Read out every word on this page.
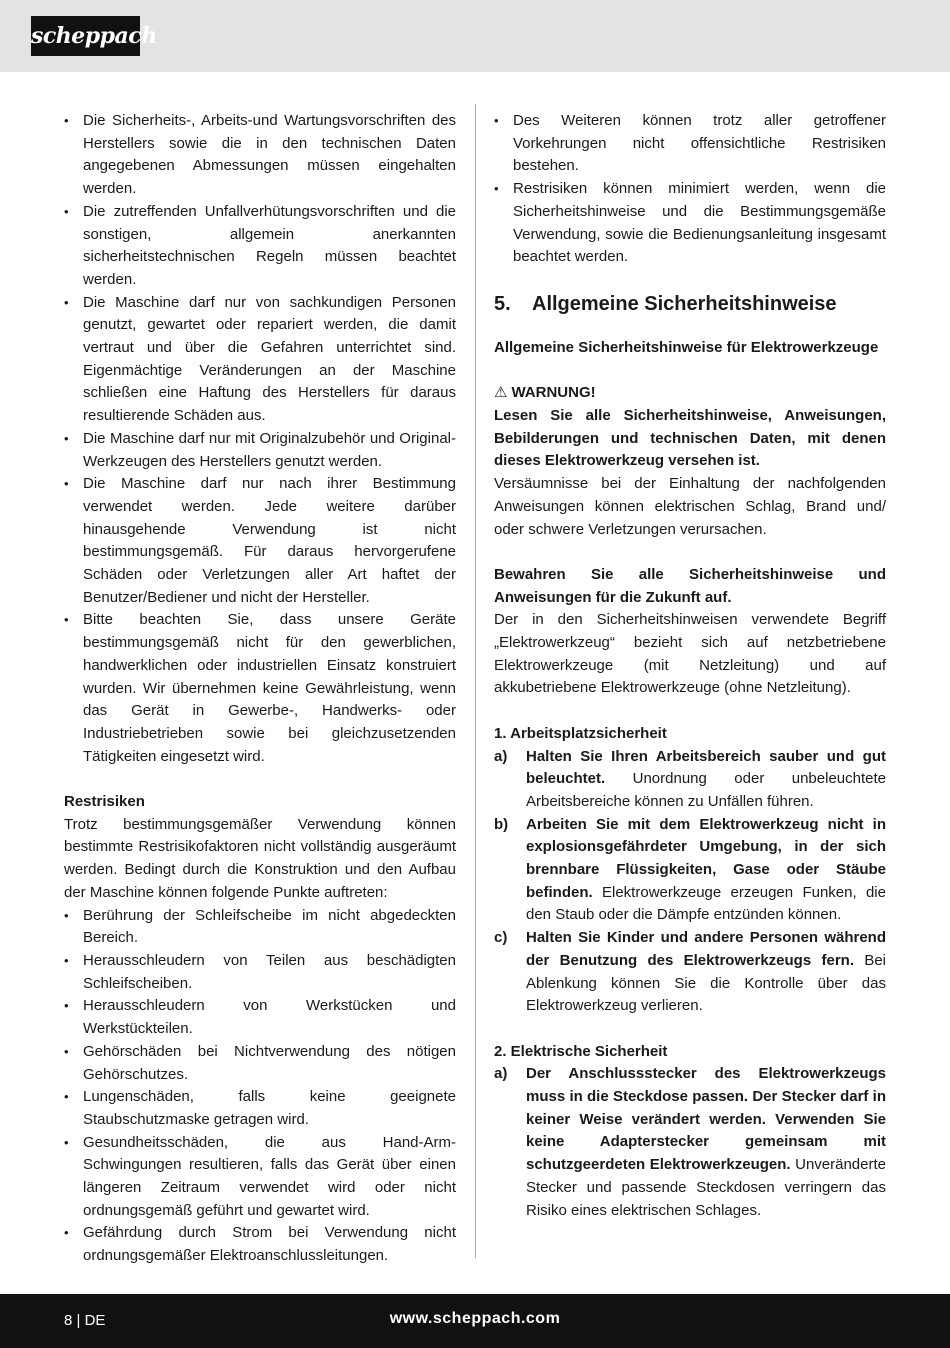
scheppach
• Die Sicherheits-, Arbeits-und Wartungsvorschriften des Herstellers sowie die in den technischen Daten angegebenen Abmessungen müssen eingehalten werden.
• Die zutreffenden Unfallverhütungsvorschriften und die sonstigen, allgemein anerkannten sicherheitstechnischen Regeln müssen beachtet werden.
• Die Maschine darf nur von sachkundigen Personen genutzt, gewartet oder repariert werden, die damit vertraut und über die Gefahren unterrichtet sind. Eigenmächtige Veränderungen an der Maschine schließen eine Haftung des Herstellers für daraus resultierende Schäden aus.
• Die Maschine darf nur mit Originalzubehör und Original- Werkzeugen des Herstellers genutzt werden.
• Die Maschine darf nur nach ihrer Bestimmung verwendet werden. Jede weitere darüber hinausgehende Verwendung ist nicht bestimmungsgemäß. Für daraus hervorgerufene Schäden oder Verletzungen aller Art haftet der Benutzer/Bediener und nicht der Hersteller.
• Bitte beachten Sie, dass unsere Geräte bestimmungsgemäß nicht für den gewerblichen, handwerklichen oder industriellen Einsatz konstruiert wurden. Wir übernehmen keine Gewährleistung, wenn das Gerät in Gewerbe-, Handwerks- oder Industriebetrieben sowie bei gleichzusetzenden Tätigkeiten eingesetzt wird.
Restrisiken

Trotz bestimmungsgemäßer Verwendung können bestimmte Restrisikofaktoren nicht vollständig ausgeräumt werden. Bedingt durch die Konstruktion und den Aufbau der Maschine können folgende Punkte auftreten:

• Berührung der Schleifscheibe im nicht abgedeckten Bereich.
• Herausschleudern von Teilen aus beschädigten Schleifscheiben.
• Herausschleudern von Werkstücken und Werkstückteilen.
• Gehörschäden bei Nichtverwendung des nötigen Gehörschutzes.
• Lungenschäden, falls keine geeignete Staubschutzmaske getragen wird.
• Gesundheitsschäden, die aus Hand-Arm- Schwingungen resultieren, falls das Gerät über einen längeren Zeitraum verwendet wird oder nicht ordnungsgemäß geführt und gewartet wird.
• Gefährdung durch Strom bei Verwendung nicht ordnungsgemäßer Elektroanschlussleitungen.
• Des Weiteren können trotz aller getroffener Vorkehrungen nicht offensichtliche Restrisiken bestehen.
• Restrisiken können minimiert werden, wenn die Sicherheitshinweise und die Bestimmungsgemäße Verwendung, sowie die Bedienungsanleitung insgesamt beachtet werden.
5. Allgemeine Sicherheitshinweise

Allgemeine Sicherheitshinweise für Elektrowerkzeuge

⚠ WARNUNG!

Lesen Sie alle Sicherheitshinweise, Anweisungen, Bebilderungen und technischen Daten, mit denen dieses Elektrowerkzeug versehen ist.

Versäumnisse bei der Einhaltung der nachfolgenden Anweisungen können elektrischen Schlag, Brand und/ oder schwere Verletzungen verursachen.

Bewahren Sie alle Sicherheitshinweise und Anweisungen für die Zukunft auf.

Der in den Sicherheitshinweisen verwendete Begriff „Elektrowerkzeug“ bezieht sich auf netzbetriebene Elektrowerkzeuge (mit Netzleitung) und auf akkubetriebene Elektrowerkzeuge (ohne Netzleitung).

1. Arbeitsplatzsicherheit

a) Halten Sie Ihren Arbeitsbereich sauber und gut beleuchtet. Unordnung oder unbeleuchtete Arbeitsbereiche können zu Unfällen führen.
b) Arbeiten Sie mit dem Elektrowerkzeug nicht in explosionsgefährdeter Umgebung, in der sich brennbare Flüssigkeiten, Gase oder Stäube befinden. Elektrowerkzeuge erzeugen Funken, die den Staub oder die Dämpfe entzünden können.
c) Halten Sie Kinder und andere Personen während der Benutzung des Elektrowerkzeugs fern. Bei Ablenkung können Sie die Kontrolle über das Elektrowerkzeug verlieren.

2. Elektrische Sicherheit

a) Der Anschlussstecker des Elektrowerkzeugs muss in die Steckdose passen. Der Stecker darf in keiner Weise verändert werden. Verwenden Sie keine Adapterstecker gemeinsam mit schutzgeerdeten Elektrowerkzeugen. Unveränderte Stecker und passende Steckdosen verringern das Risiko eines elektrischen Schlages.
8 | DE	www.scheppach.com
